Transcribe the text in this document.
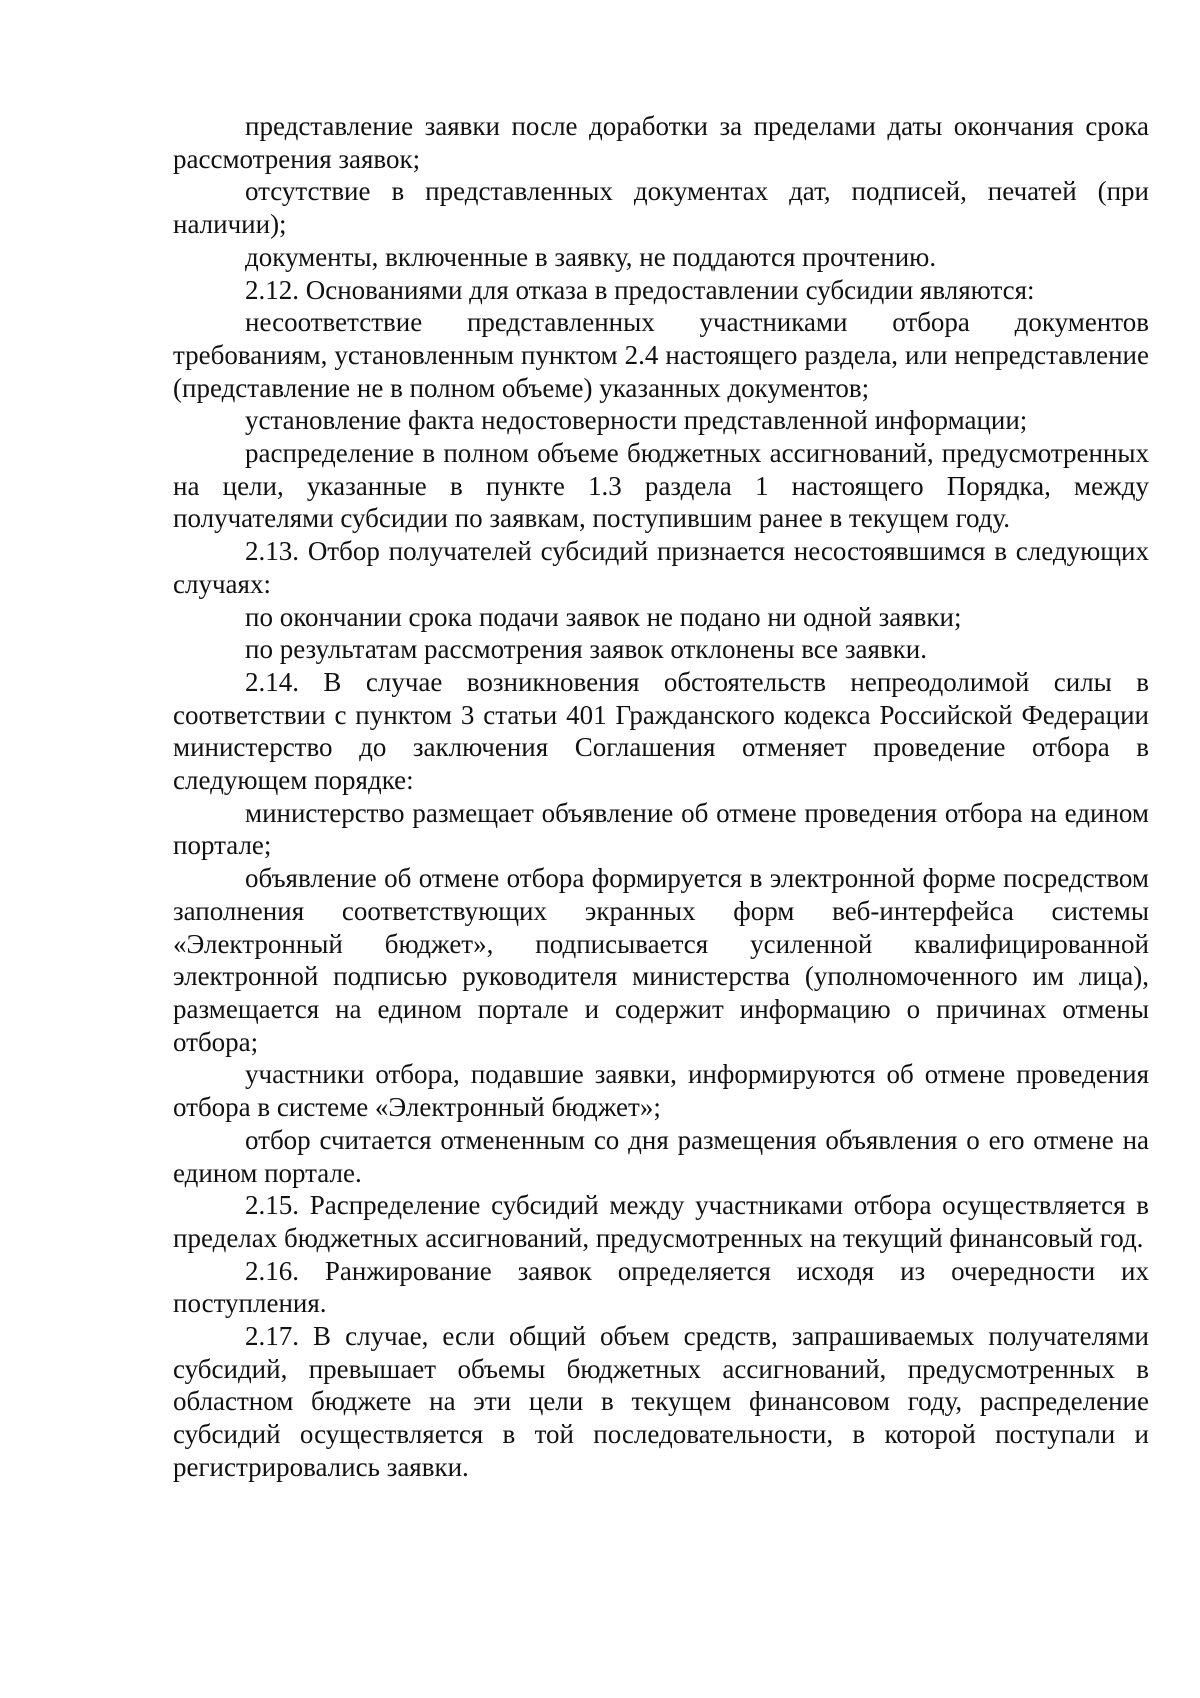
представление заявки после доработки за пределами даты окончания срока рассмотрения заявок;

отсутствие в представленных документах дат, подписей, печатей (при наличии);

документы, включенные в заявку, не поддаются прочтению.

2.12. Основаниями для отказа в предоставлении субсидии являются:

несоответствие представленных участниками отбора документов требованиям, установленным пунктом 2.4 настоящего раздела, или непредставление (представление не в полном объеме) указанных документов;

установление факта недостоверности представленной информации;

распределение в полном объеме бюджетных ассигнований, предусмотренных на цели, указанные в пункте 1.3 раздела 1 настоящего Порядка, между получателями субсидии по заявкам, поступившим ранее в текущем году.

2.13. Отбор получателей субсидий признается несостоявшимся в следующих случаях:

по окончании срока подачи заявок не подано ни одной заявки;

по результатам рассмотрения заявок отклонены все заявки.

2.14. В случае возникновения обстоятельств непреодолимой силы в соответствии с пунктом 3 статьи 401 Гражданского кодекса Российской Федерации министерство до заключения Соглашения отменяет проведение отбора в следующем порядке:

министерство размещает объявление об отмене проведения отбора на едином портале;

объявление об отмене отбора формируется в электронной форме посредством заполнения соответствующих экранных форм веб-интерфейса системы «Электронный бюджет», подписывается усиленной квалифицированной электронной подписью руководителя министерства (уполномоченного им лица), размещается на едином портале и содержит информацию о причинах отмены отбора;

участники отбора, подавшие заявки, информируются об отмене проведения отбора в системе «Электронный бюджет»;

отбор считается отмененным со дня размещения объявления о его отмене на едином портале.

2.15. Распределение субсидий между участниками отбора осуществляется в пределах бюджетных ассигнований, предусмотренных на текущий финансовый год.

2.16. Ранжирование заявок определяется исходя из очередности их поступления.

2.17. В случае, если общий объем средств, запрашиваемых получателями субсидий, превышает объемы бюджетных ассигнований, предусмотренных в областном бюджете на эти цели в текущем финансовом году, распределение субсидий осуществляется в той последовательности, в которой поступали и регистрировались заявки.
